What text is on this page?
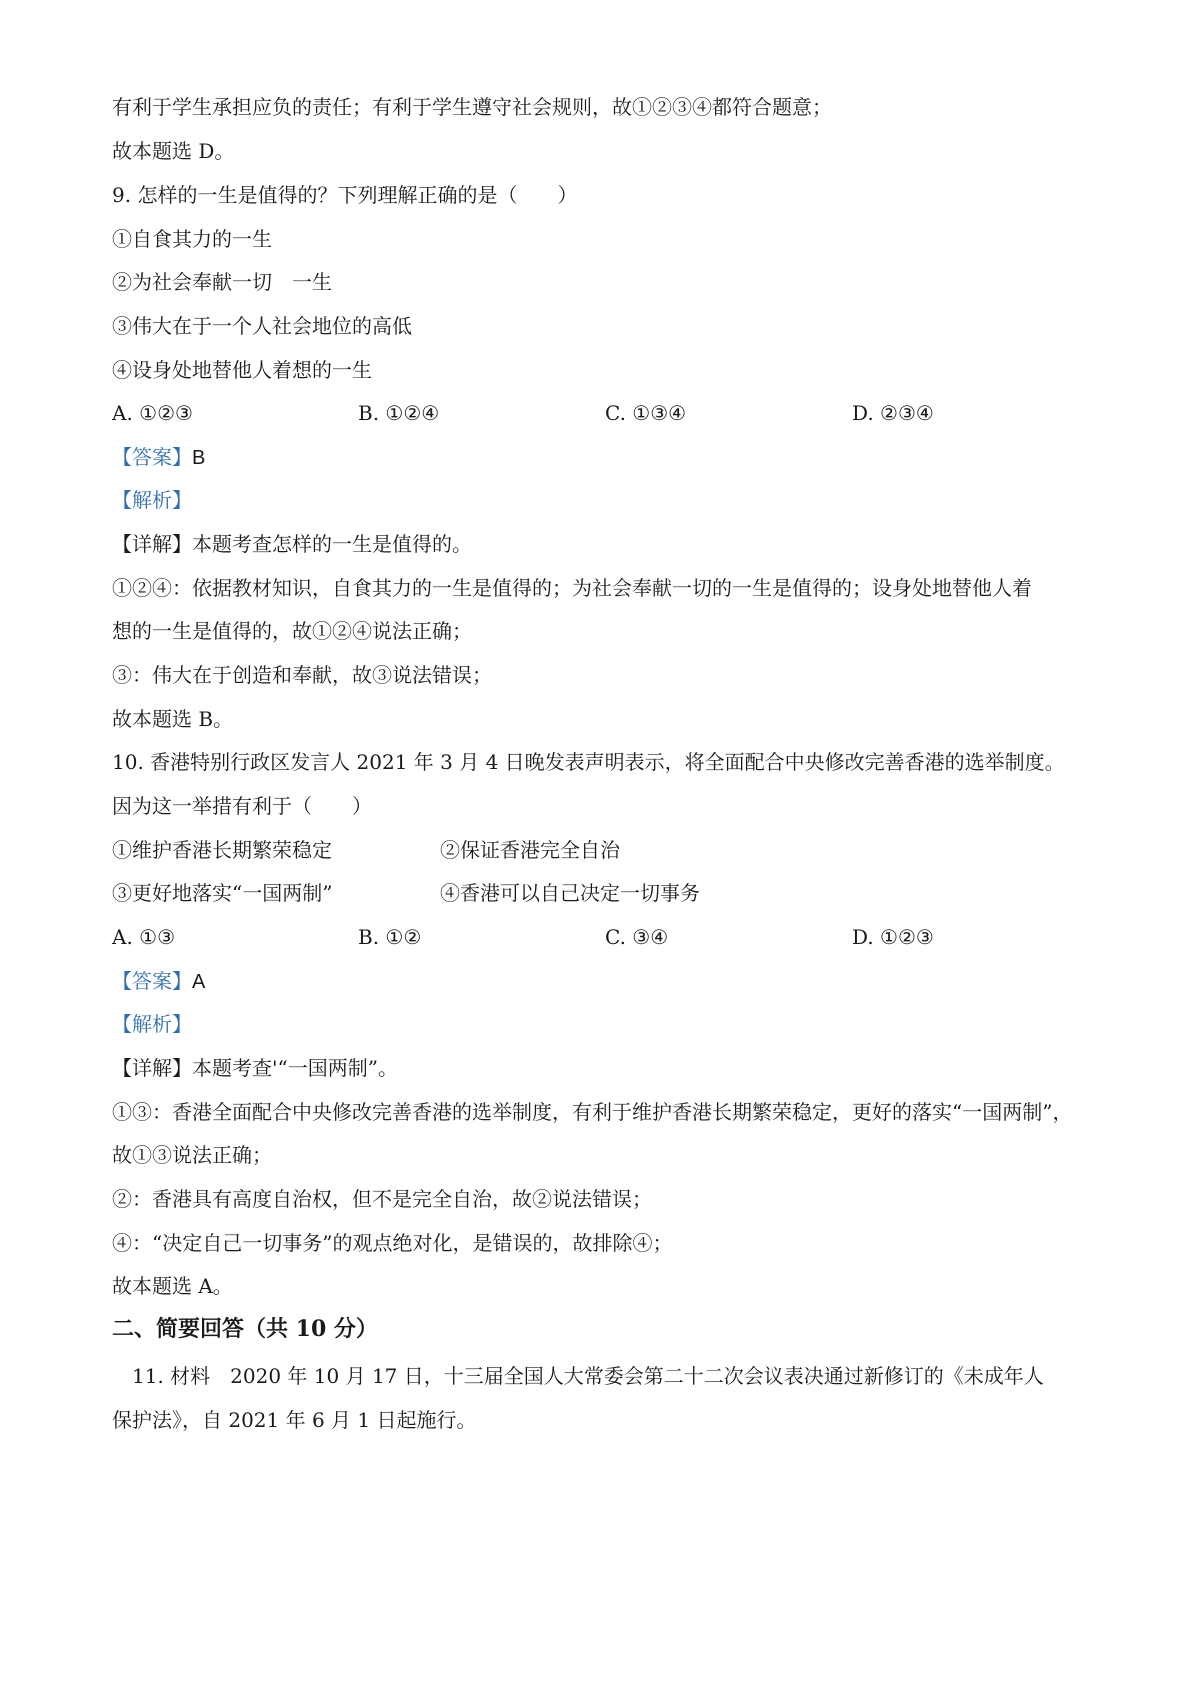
有利于学生承担应负的责任；有利于学生遵守社会规则，故①②③④都符合题意；
故本题选 D。
9. 怎样的一生是值得的？下列理解正确的是（　　）
①自食其力的一生
②为社会奉献一切　一生
③伟大在于一个人社会地位的高低
④设身处地替他人着想的一生
A. ①②③	B. ①②④	C. ①③④	D. ②③④
【答案】B
【解析】
【详解】本题考查怎样的一生是值得的。
①②④：依据教材知识，自食其力的一生是值得的；为社会奉献一切的一生是值得的；设身处地替他人着
想的一生是值得的，故①②④说法正确；
③：伟大在于创造和奉献，故③说法错误；
故本题选 B。
10. 香港特别行政区发言人 2021 年 3 月 4 日晚发表声明表示，将全面配合中央修改完善香港的选举制度。
因为这一举措有利于（　　）
①维护香港长期繁荣稳定	②保证香港完全自治
③更好地落实“一国两制”	④香港可以自己决定一切事务
A. ①③	B. ①②	C. ③④	D. ①②③
【答案】A
【解析】
【详解】本题考查'“一国两制”。
①③：香港全面配合中央修改完善香港的选举制度，有利于维护香港长期繁荣稳定，更好的落实“一国两制”，
故①③说法正确；
②：香港具有高度自治权，但不是完全自治，故②说法错误；
④：“决定自己一切事务”的观点绝对化，是错误的，故排除④；
故本题选 A。
二、简要回答（共 10 分）
11. 材料　2020 年 10 月 17 日，十三届全国人大常委会第二十二次会议表决通过新修订的《未成年人
保护法》，自 2021 年 6 月 1 日起施行。
